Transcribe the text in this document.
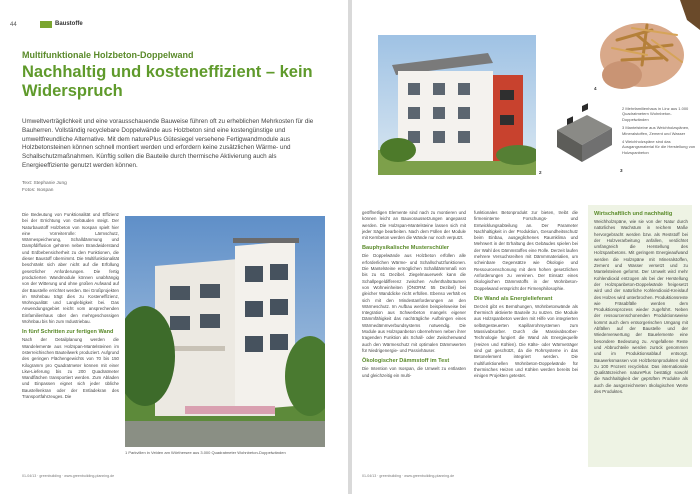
44	Baustoffe
Multifunktionale Holzbeton-Doppelwand
Nachhaltig und kosteneffizient – kein Widerspruch
Umweltverträglichkeit und eine vorausschauende Bauweise führen oft zu erheblichen Mehrkosten für die Bauherren. Vollständig recyclebare Doppelwände aus Holzbeton sind eine kostengünstige und umweltfreundliche Alternative. Mit dem naturePlus Gütesiegel versehene Fertigwandmodule aus Holzbetonsteinen können schnell montiert werden und erfordern keine zusätzlichen Wärme- und Schallschutzmaßnahmen. Künftig sollen die Bauteile durch thermische Aktivierung auch als Energieeffiziente genutzt werden können.
Text: Stephanie Jung
Fotos: Isospan
Die Bedeutung von Funktionalität und Effizienz bei der Errichtung von Gebäuden steigt. Der Naturbaustoff Holzbeton von Isospan spielt hier eine Vorreiterrolle: Lärmschutz, Wärmespeicherung, Schalldämmung und Dampfdiffusion gehören neben Brandwiderstand und Erdbebensicherheit zu den Funktionen, die dieser Baustoff übernimmt. Die Multifunktionalität beschränkt sich aber nicht auf die Erfüllung gesetzlicher Anforderungen. Die fertig produzierten Wandmodule können unabhängig von der Witterung und ohne großen Aufwand auf der Baustelle errichtet werden. Bei Großprojekten im Wohnbau trägt dies zu Kosteneffizienz, Wohnqualität und Langlebigkeit bei. Das Anwendungsgebiet reicht vom ansprechenden Einfamilienhaus über den mehrgeschossigen Wohnbau bis hin zum Industriebau.
In fünf Schritten zur fertigen Wand
Nach der Detailplanung werden die Wandelemente aus Holzspan-Mantelsteinen im österreichischen Bauteilwerk produziert. Aufgrund des geringen Flächengewichts von 70 bis 150 Kilogramm pro Quadratmeter können mit einer Lkw-Lieferung bis zu 200 Quadratmeter Wandflächen transportiert werden. Zum Abladen und Einpassen eignet sich jeder übliche Baustellenkran oder der Entladekran des Transportfahrzeuges. Die
1 Parkvillen in Velden am Wörthersee aus 3.000 Quadratmeter Wohnbeton-Doppelwänden
01-04/13 · greenbuilding · www.greenbuilding-planning.de
2	3
4
2 Mehrfamilienhaus in Linz aus 1.000 Quadratmetern Wohnbeton-Doppelwänden
3 Mantelsteine aus Weichholzspänen, Mineralstoffen, Zement und Wasser
4 Weichholzspäne sind das Ausgangsmaterial für die Herstellung von Holzspanbeton
geöffnetligen Elemente sind nach zu montieren und können leicht an Bauvoraussetzungen angepasst werden. Die Holzspan-Mantelsteine lassen sich mit jeder Säge bearbeiten. Nach dem Füllen der Module mit Kernbeton werden die Wände nur noch verputzt.
Bauphysikalische Musterschüler
Die Doppelwände aus Holzbeton erfüllen alle erforderlichen Wärme- und Schallschutzfunktionen. Die Mantelsteine ermöglichen Schalldämmmaß von bis zu 61 Dezibel. Ziegelmauerwerk kann die Schallpegeldifferenz zwischen Aufenthaltsräumen von Wohneinheiten (ÖNORM: 55 Dezibel) bei gleicher Wanddicke nicht erfüllen. Ebenso verhält es sich mit den Mindestanforderungen an den Wärmeschutz. Im Aufbau werden beispielsweise bei Integration aus Schwerbeton mangels eigener Dämmfähigkeit das nachträgliche Aufbringen eines Wärmedämmverbundsystems notwendig. Die Module aus Holzspanbeton übernehmen neben ihrer tragenden Funktion als Schall- oder Zwischenwand auch den Wärmeschutz mit optimalen Dämmwerten für Niedrigenergie- und Passivhäuser.
Ökologischer Dämmstoff im Test
Die Intention von Isospan, die Umwelt zu entlasten und gleichzeitig ein multi-
funktionales Betonprodukt zur bieten, treibt die firmeninterne Forschungs- und Entwicklungsabteilung an. Der Parameter Nachhaltigkeit in der Produktion, Gesundheitsschutz beim Einbau, ausgeglichenes Raumklima und Mehrwert in der Erhaltung des Gebäudes spielen bei der Wahl des Dämmstoffes eine Rolle. Derzeit laufen mehrere Versuchsreihen mit Dämmmaterialien, um scheinbare Gegensätze wie Ökologie und Ressourcenschonung mit dem hohen gesetzlichen Anforderungen zu vereinen. Der Einsatz eines ökologischen Dämmstoffs in der Wohnbeton-Doppelwand entspricht der Firmenphilosophie.
Die Wand als Energielieferant
Derzeit gibt es Bemühungen, Wohnbetonwände als thermisch aktivierte Bauteile zu nutzen. Die Module aus Holzspanbeton werden mit Hilfe von integrierten selbstgesteuerten Kapillarrohrsystemen zum Massivabsorber. Durch die Massivabsorber-Technologie fungiert die Wand als Energiequelle (Heizen und Kühlen). Die Kälte- oder Wärmeträger sind gut geschützt, da die Rohrsysteme in das Betonelement integriert werden. Die multifunktionellen Wohnbeton-Doppelwände für thermisches Heizen und Kühlen werden bereits bei einigen Projekten getestet.
Wirtschaftlich und nachhaltig
Weichholzspäne, wie sie von der Natur durch natürliches Wachstum in reichem Maße hervorgebracht werden bzw. als Reststoff bei der Holzverarbeitung anfallen, verdichtet umfangreich die Herstellung des Holzspanbetons. Mit geringem Energieaufwand werden die Holzspäne mit Mineralstoffen, Zement und Wasser versetzt und zu Mantelsteinen geformt. Der Umwelt wird mehr Kohlendioxid entzogen als bei der Herstellung der Holzspanbeton-Doppelwände freigesetzt wird und der natürliche Kohlendioxid-Kreislauf des Holzes wird unterbrochen. Produktionsreste wie Fräsabfälle werden dem Produktionsprozess wieder zugeführt. Neben der ressourcenschonenden Produktionsweise kommt auch dem entsorgerischen Umgang mit Abfällen auf der Baustelle und der Wiederverwertung der Bauelemente eine besondere Bedeutung zu. Angefallene Reste und Abbruchteile werden zurück genommen und im Produktionsablauf entsorgt. Bauwerksmassen von Holzbetonprodukten sind zu 100 Prozent recyclebar. Das internationale Qualitätszeichen naturePlus bestätigt sowohl die Nachhaltigkeit der geprüften Produkte als auch die ausgezeichneten ökologischen Werte des Produktes.
01-04/13 · greenbuilding · www.greenbuilding-planning.de
